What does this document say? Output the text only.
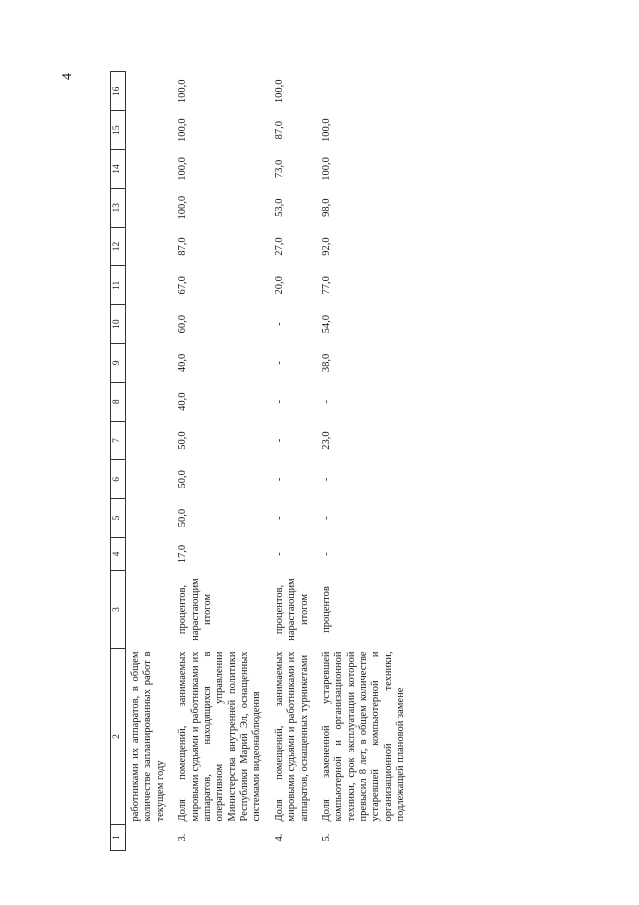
4
1	2	3	4	5	6	7	8	9	10	11	12	13	14	15	16
	работниками их аппаратов, в общем количестве запланированных работ в текущем году														
3.	Доля помещений, занимаемых мировыми судьями и работниками их аппаратов, находящихся в оперативном управлении Министерства внутренней политики Республики Марий Эл, оснащенных системами видеонаблюдения	процентов, нарастающим итогом	17,0	50,0	50,0	50,0	40,0	40,0	60,0	67,0	87,0	100,0	100,0	100,0	100,0
4.	Доля помещений, занимаемых мировыми судьями и работниками их аппаратов, оснащенных турникетами	процентов, нарастающим итогом	-	-	-	-	-	-	-	20,0	27,0	53,0	73,0	87,0	100,0
5.	Доля замененной устаревшей компьютерной и организационной техники, срок эксплуатации которой превысил 8 лет, в общем количестве устаревшей компьютерной и организационной техники, подлежащей плановой замене	процентов	-	-	-	23,0	-	38,0	54,0	77,0	92,0	98,0	100,0	100,0	
